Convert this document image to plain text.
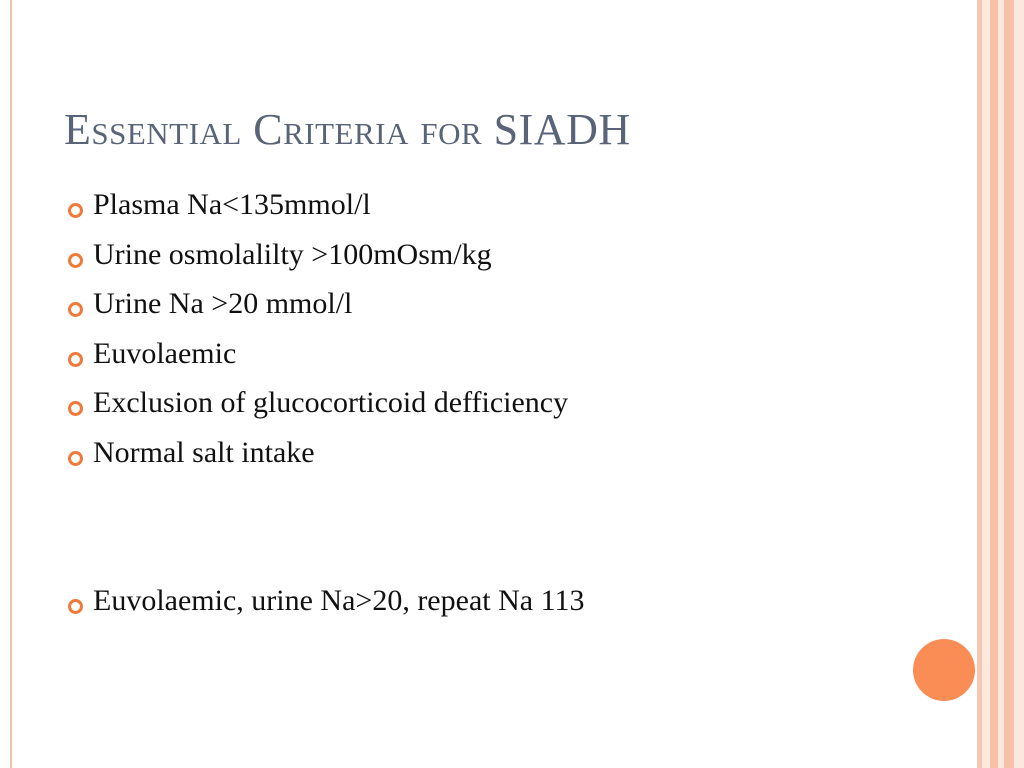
Essential Criteria for SIADH
Plasma Na<135mmol/l
Urine osmolalilty >100mOsm/kg
Urine Na >20 mmol/l
Euvolaemic
Exclusion of glucocorticoid defficiency
Normal salt intake
Euvolaemic, urine Na>20, repeat Na 113
